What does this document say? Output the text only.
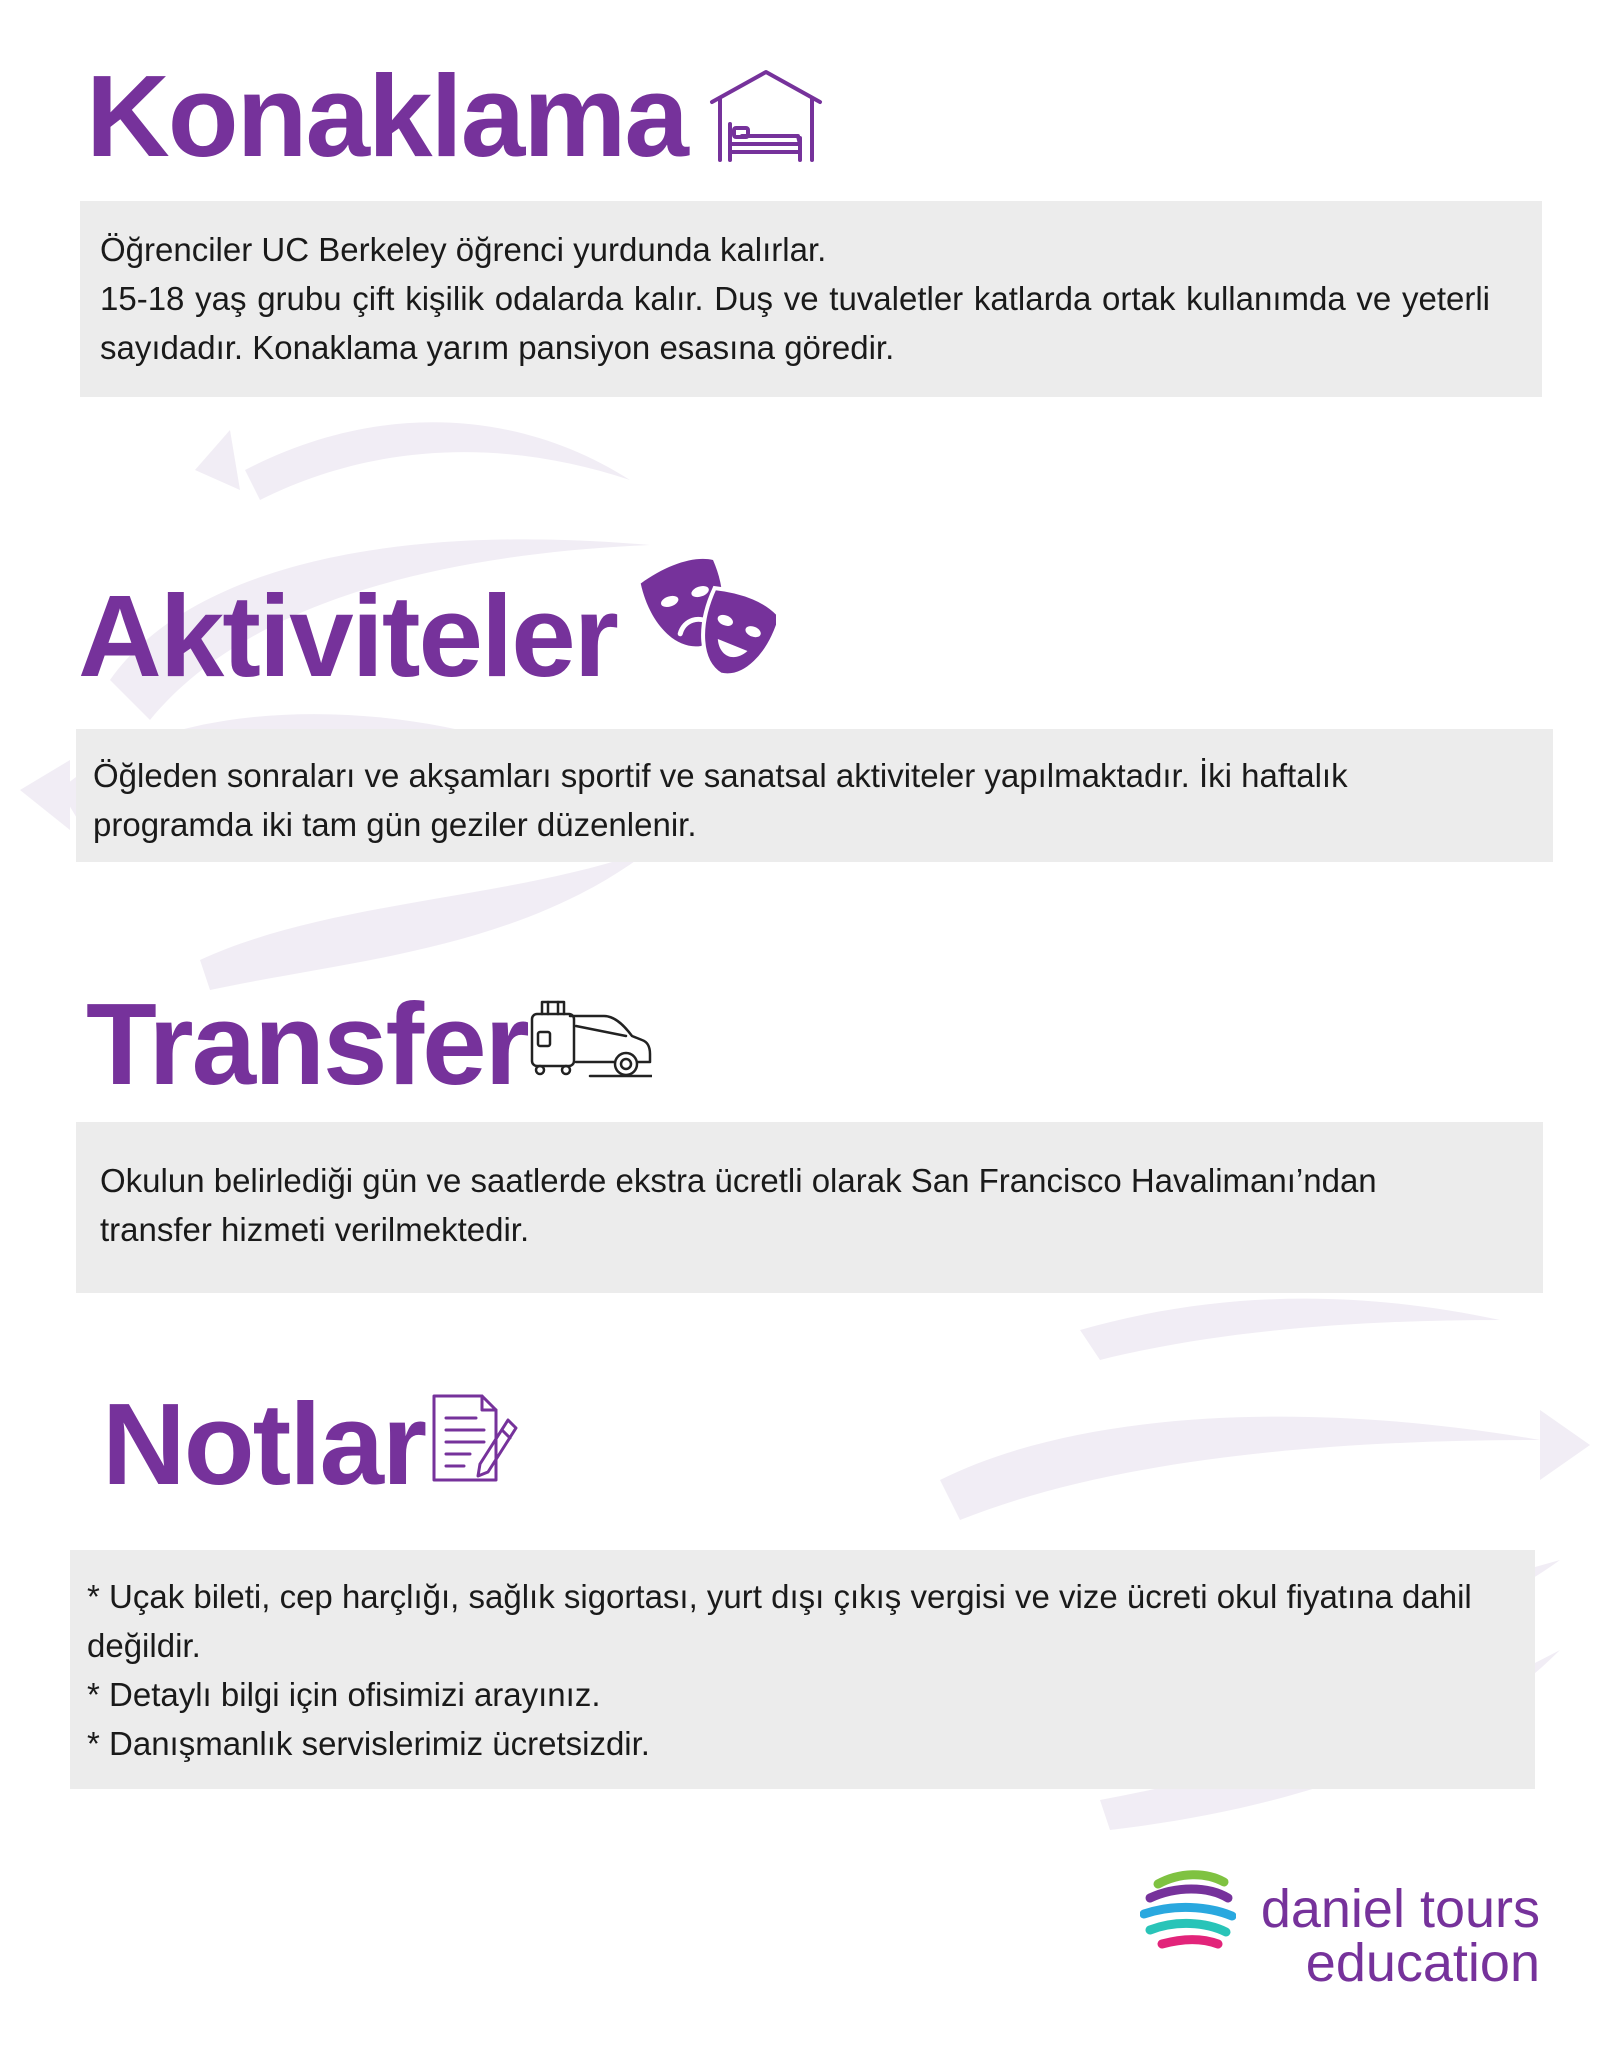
Konaklama

Öğrenciler UC Berkeley öğrenci yurdunda kalırlar.

15-18 yaş grubu çift kişilik odalarda kalır. Duş ve tuvaletler katlarda ortak kullanımda ve yeterli sayıdadır. Konaklama yarım pansiyon esasına göredir.

Aktiviteler

Öğleden sonraları ve akşamları sportif ve sanatsal aktiviteler yapılmaktadır. İki haftalık programda iki tam gün geziler düzenlenir.

Transfer

Okulun belirlediği gün ve saatlerde ekstra ücretli olarak San Francisco Havalimanı’ndan transfer hizmeti verilmektedir.

Notlar

* Uçak bileti, cep harçlığı, sağlık sigortası, yurt dışı çıkış vergisi ve vize ücreti okul fiyatına dahil değildir.

* Detaylı bilgi için ofisimizi arayınız.

* Danışmanlık servislerimiz ücretsizdir.

daniel tours
education
